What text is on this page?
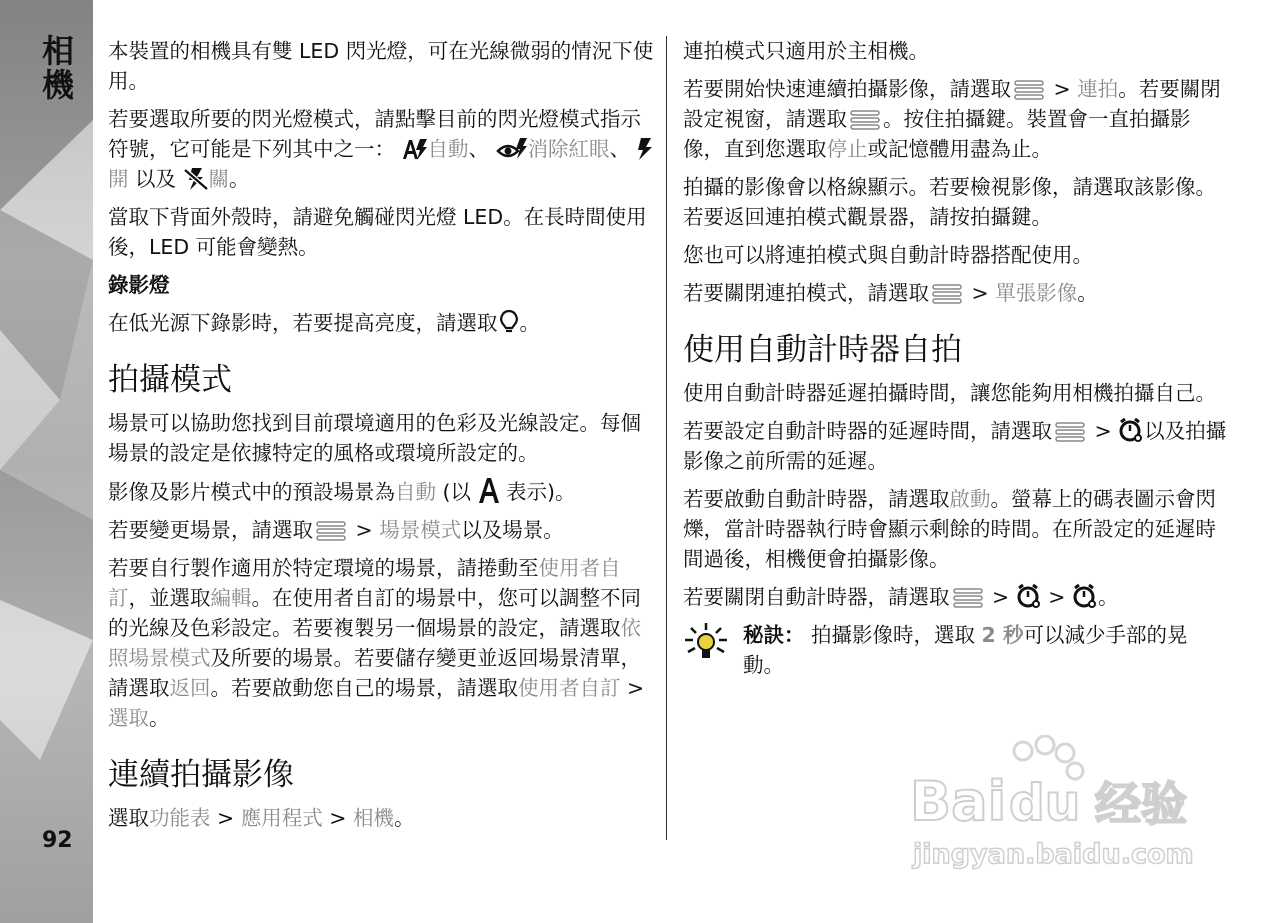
相機
92

本裝置的相機具有雙 LED 閃光燈，可在光線微弱的情況下使用。

若要選取所要的閃光燈模式，請點擊目前的閃光燈模式指示符號，它可能是下列其中之一： 自動、 消除紅眼、 開 以及 關。

當取下背面外殼時，請避免觸碰閃光燈 LED。在長時間使用後，LED 可能會變熱。

錄影燈

在低光源下錄影時，若要提高亮度，請選取 。

拍攝模式

場景可以協助您找到目前環境適用的色彩及光線設定。每個場景的設定是依據特定的風格或環境所設定的。

影像及影片模式中的預設場景為自動 (以  表示)。

若要變更場景，請選取 > 場景模式以及場景。

若要自行製作適用於特定環境的場景，請捲動至使用者自訂，並選取編輯。在使用者自訂的場景中，您可以調整不同的光線及色彩設定。若要複製另一個場景的設定，請選取依照場景模式及所要的場景。若要儲存變更並返回場景清單，請選取返回。若要啟動您自己的場景，請選取使用者自訂 > 選取。

連續拍攝影像

選取功能表 > 應用程式 > 相機。

連拍模式只適用於主相機。

若要開始快速連續拍攝影像，請選取 > 連拍。若要關閉設定視窗，請選取 。按住拍攝鍵。裝置會一直拍攝影像，直到您選取停止或記憶體用盡為止。

拍攝的影像會以格線顯示。若要檢視影像，請選取該影像。若要返回連拍模式觀景器，請按拍攝鍵。

您也可以將連拍模式與自動計時器搭配使用。

若要關閉連拍模式，請選取 > 單張影像。

使用自動計時器自拍

使用自動計時器延遲拍攝時間，讓您能夠用相機拍攝自己。

若要設定自動計時器的延遲時間，請選取 > 以及拍攝影像之前所需的延遲。

若要啟動自動計時器，請選取啟動。螢幕上的碼表圖示會閃爍，當計時器執行時會顯示剩餘的時間。在所設定的延遲時間過後，相機便會拍攝影像。

若要關閉自動計時器，請選取 >  > 。

秘訣： 拍攝影像時，選取 2 秒可以減少手部的晃動。
Bai du 经验
jingyan.baidu.com
